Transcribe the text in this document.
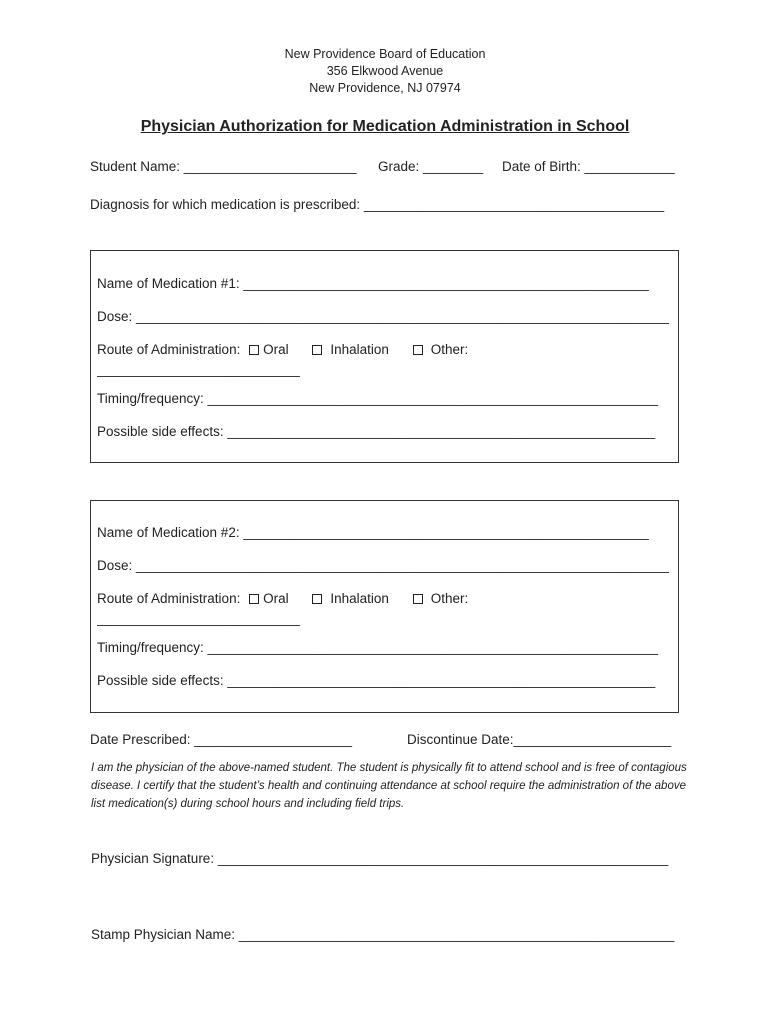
New Providence Board of Education
356 Elkwood Avenue
New Providence, NJ 07974
Physician Authorization for Medication Administration in School
Student Name: _______________________ Grade: ________ Date of Birth: ____________
Diagnosis for which medication is prescribed: ________________________________________
Name of Medication #1: ______________________________________________________
Dose: _______________________________________________________________________
Route of Administration: Oral	Inhalation	Other:
___________________________
Timing/frequency: ____________________________________________________________
Possible side effects: _________________________________________________________
Name of Medication #2: ______________________________________________________
Dose: _______________________________________________________________________
Route of Administration: Oral	Inhalation	Other:
___________________________
Timing/frequency: ____________________________________________________________
Possible side effects: _________________________________________________________
Date Prescribed: _____________________	Discontinue Date:_____________________
I am the physician of the above-named student. The student is physically fit to attend school and is free of contagious disease. I certify that the student’s health and continuing attendance at school require the administration of the above list medication(s) during school hours and including field trips.
Physician Signature: ____________________________________________________________
Stamp Physician Name: __________________________________________________________
